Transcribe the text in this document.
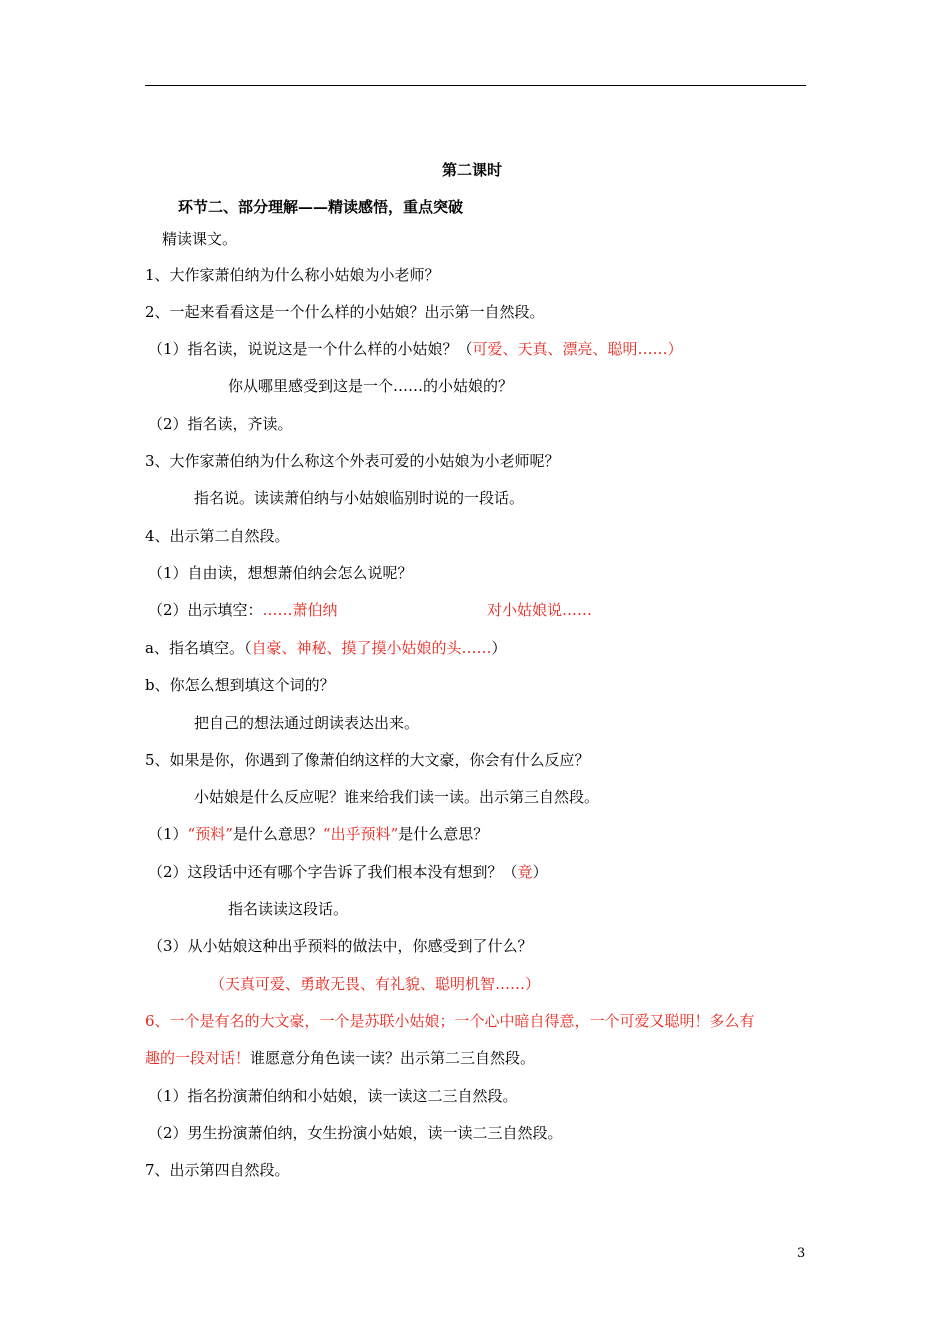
第二课时
环节二、部分理解——精读感悟，重点突破
精读课文。
1、大作家萧伯纳为什么称小姑娘为小老师？
2、一起来看看这是一个什么样的小姑娘？出示第一自然段。
（1）指名读，说说这是一个什么样的小姑娘？（可爱、天真、漂亮、聪明……）
你从哪里感受到这是一个……的小姑娘的？
（2）指名读，齐读。
3、大作家萧伯纳为什么称这个外表可爱的小姑娘为小老师呢？
指名说。读读萧伯纳与小姑娘临别时说的一段话。
4、出示第二自然段。
（1）自由读，想想萧伯纳会怎么说呢？
（2）出示填空：……萧伯纳	对小姑娘说……
a、指名填空。（自豪、神秘、摸了摸小姑娘的头……）
b、你怎么想到填这个词的？
把自己的想法通过朗读表达出来。
5、如果是你，你遇到了像萧伯纳这样的大文豪，你会有什么反应？
小姑娘是什么反应呢？谁来给我们读一读。出示第三自然段。
（1）“预料”是什么意思？“出乎预料”是什么意思？
（2）这段话中还有哪个字告诉了我们根本没有想到？（竟）
指名读读这段话。
（3）从小姑娘这种出乎预料的做法中，你感受到了什么？
（天真可爱、勇敢无畏、有礼貌、聪明机智……）
6、一个是有名的大文豪，一个是苏联小姑娘；一个心中暗自得意，一个可爱又聪明！多么有
趣的一段对话！谁愿意分角色读一读？出示第二三自然段。
（1）指名扮演萧伯纳和小姑娘，读一读这二三自然段。
（2）男生扮演萧伯纳，女生扮演小姑娘，读一读二三自然段。
7、出示第四自然段。
3
